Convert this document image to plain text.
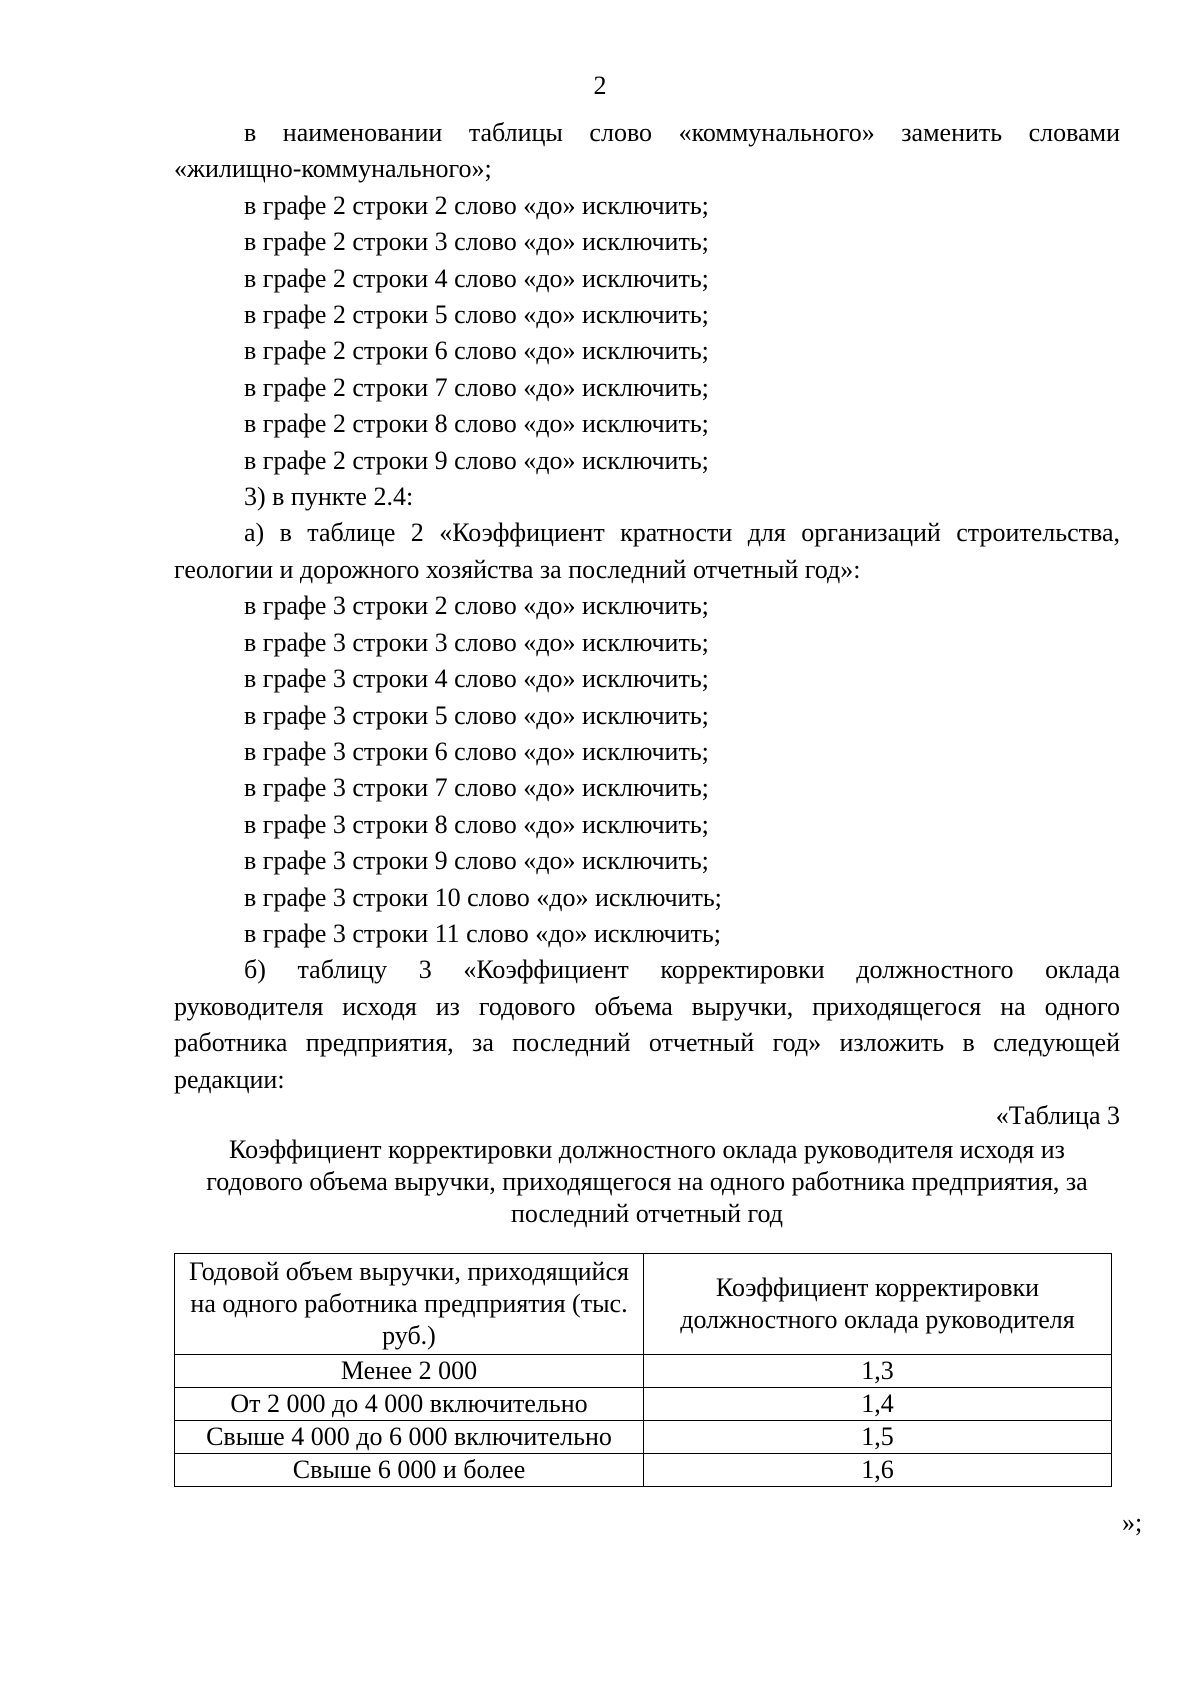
2

в наименовании таблицы слово «коммунального» заменить словами «жилищно-коммунального»;

в графе 2 строки 2 слово «до» исключить;

в графе 2 строки 3 слово «до» исключить;

в графе 2 строки 4 слово «до» исключить;

в графе 2 строки 5 слово «до» исключить;

в графе 2 строки 6 слово «до» исключить;

в графе 2 строки 7 слово «до» исключить;

в графе 2 строки 8 слово «до» исключить;

в графе 2 строки 9 слово «до» исключить;

3) в пункте 2.4:

а) в таблице 2 «Коэффициент кратности для организаций строительства, геологии и дорожного хозяйства за последний отчетный год»:

в графе 3 строки 2 слово «до» исключить;

в графе 3 строки 3 слово «до» исключить;

в графе 3 строки 4 слово «до» исключить;

в графе 3 строки 5 слово «до» исключить;

в графе 3 строки 6 слово «до» исключить;

в графе 3 строки 7 слово «до» исключить;

в графе 3 строки 8 слово «до» исключить;

в графе 3 строки 9 слово «до» исключить;

в графе 3 строки 10 слово «до» исключить;

в графе 3 строки 11 слово «до» исключить;

б) таблицу 3 «Коэффициент корректировки должностного оклада руководителя исходя из годового объема выручки, приходящегося на одного работника предприятия, за последний отчетный год» изложить в следующей редакции:

«Таблица 3

Коэффициент корректировки должностного оклада руководителя исходя из годового объема выручки, приходящегося на одного работника предприятия, за последний отчетный год

Годовой объем выручки, приходящийся на одного работника предприятия (тыс. руб.)	Коэффициент корректировки должностного оклада руководителя
Менее 2 000	1,3
От 2 000 до 4 000 включительно	1,4
Свыше 4 000 до 6 000 включительно	1,5
Свыше 6 000 и более	1,6
»;
